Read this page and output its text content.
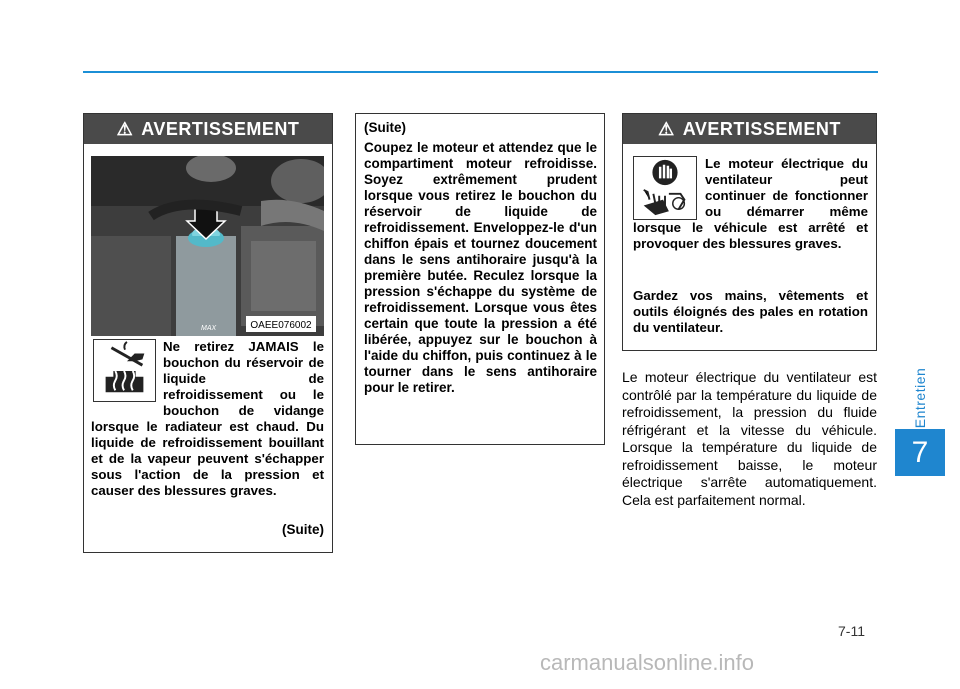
Entretien
7
⚠ AVERTISSEMENT
OAEE076002
MAX
Ne retirez JAMAIS le bouchon du réservoir de liquide de refroidissement ou le bouchon de vidange lorsque le radiateur est chaud. Du liquide de refroidissement bouillant et de la vapeur peuvent s'échapper sous l'action de la pression et causer des blessures graves.
(Suite)
(Suite)
Coupez le moteur et attendez que le compartiment moteur refroidisse. Soyez extrêmement prudent lorsque vous retirez le bouchon du réservoir de liquide de refroidissement. Enveloppez-le d'un chiffon épais et tournez doucement dans le sens antihoraire jusqu'à la première butée. Reculez lorsque la pression s'échappe du système de refroidissement. Lorsque vous êtes certain que toute la pression a été libérée, appuyez sur le bouchon à l'aide du chiffon, puis continuez à le tourner dans le sens antihoraire pour le retirer.
⚠ AVERTISSEMENT
Le moteur électrique du ventilateur peut continuer de fonctionner ou démarrer même lorsque le véhicule est arrêté et provoquer des blessures graves.
Gardez vos mains, vêtements et outils éloignés des pales en rotation du ventilateur.
Le moteur électrique du ventilateur est contrôlé par la température du liquide de refroidissement, la pression du fluide réfrigérant et la vitesse du véhicule. Lorsque la température du liquide de refroidissement baisse, le moteur électrique s'arrête automatiquement. Cela est parfaitement normal.
7-11
carmanualsonline.info
